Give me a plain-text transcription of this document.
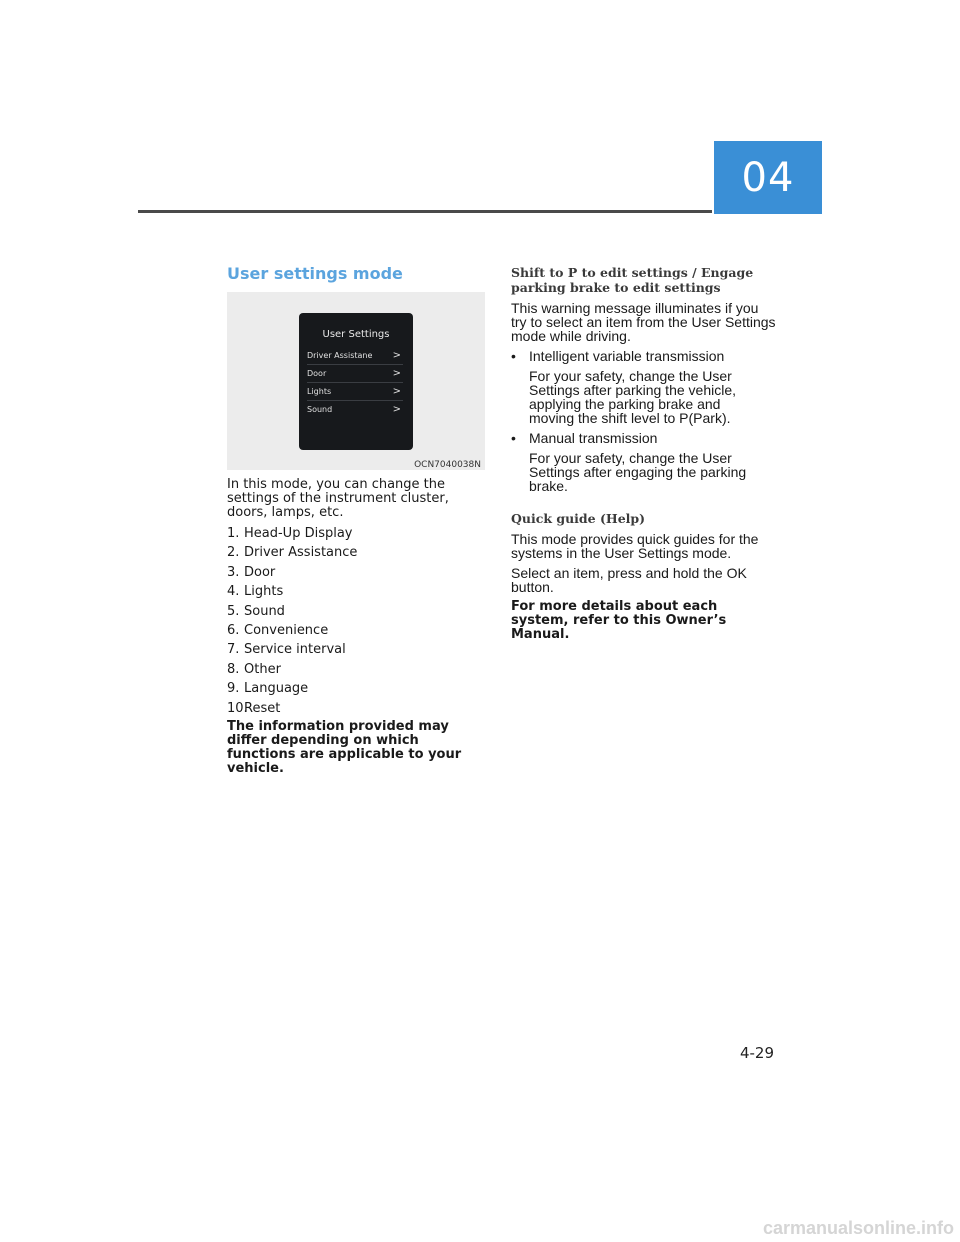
04
User settings mode
User Settings
Driver Assistane >
Door	>
Lights	>
Sound	>
OCN7040038N

In this mode, you can change the settings of the instrument cluster, doors, lamps, etc.

1. Head-Up Display
2. Driver Assistance
3. Door
4. Lights
5. Sound
6. Convenience
7. Service interval
8. Other
9. Language
10.
Reset

The information provided may differ depending on which functions are applicable to your vehicle.

Shift to P to edit settings / Engage parking brake to edit settings

This warning message illuminates if you try to select an item from the User Settings mode while driving.

• Intelligent variable transmission

For your safety, change the User Settings after parking the vehicle, applying the parking brake and moving the shift level to P(Park).

• Manual transmission

For your safety, change the User Settings after engaging the parking brake.

Quick guide (Help)

This mode provides quick guides for the systems in the User Settings mode.

Select an item, press and hold the OK button.

For more details about each system, refer to this Owner’s Manual.

4-29
carmanualsonline.info
